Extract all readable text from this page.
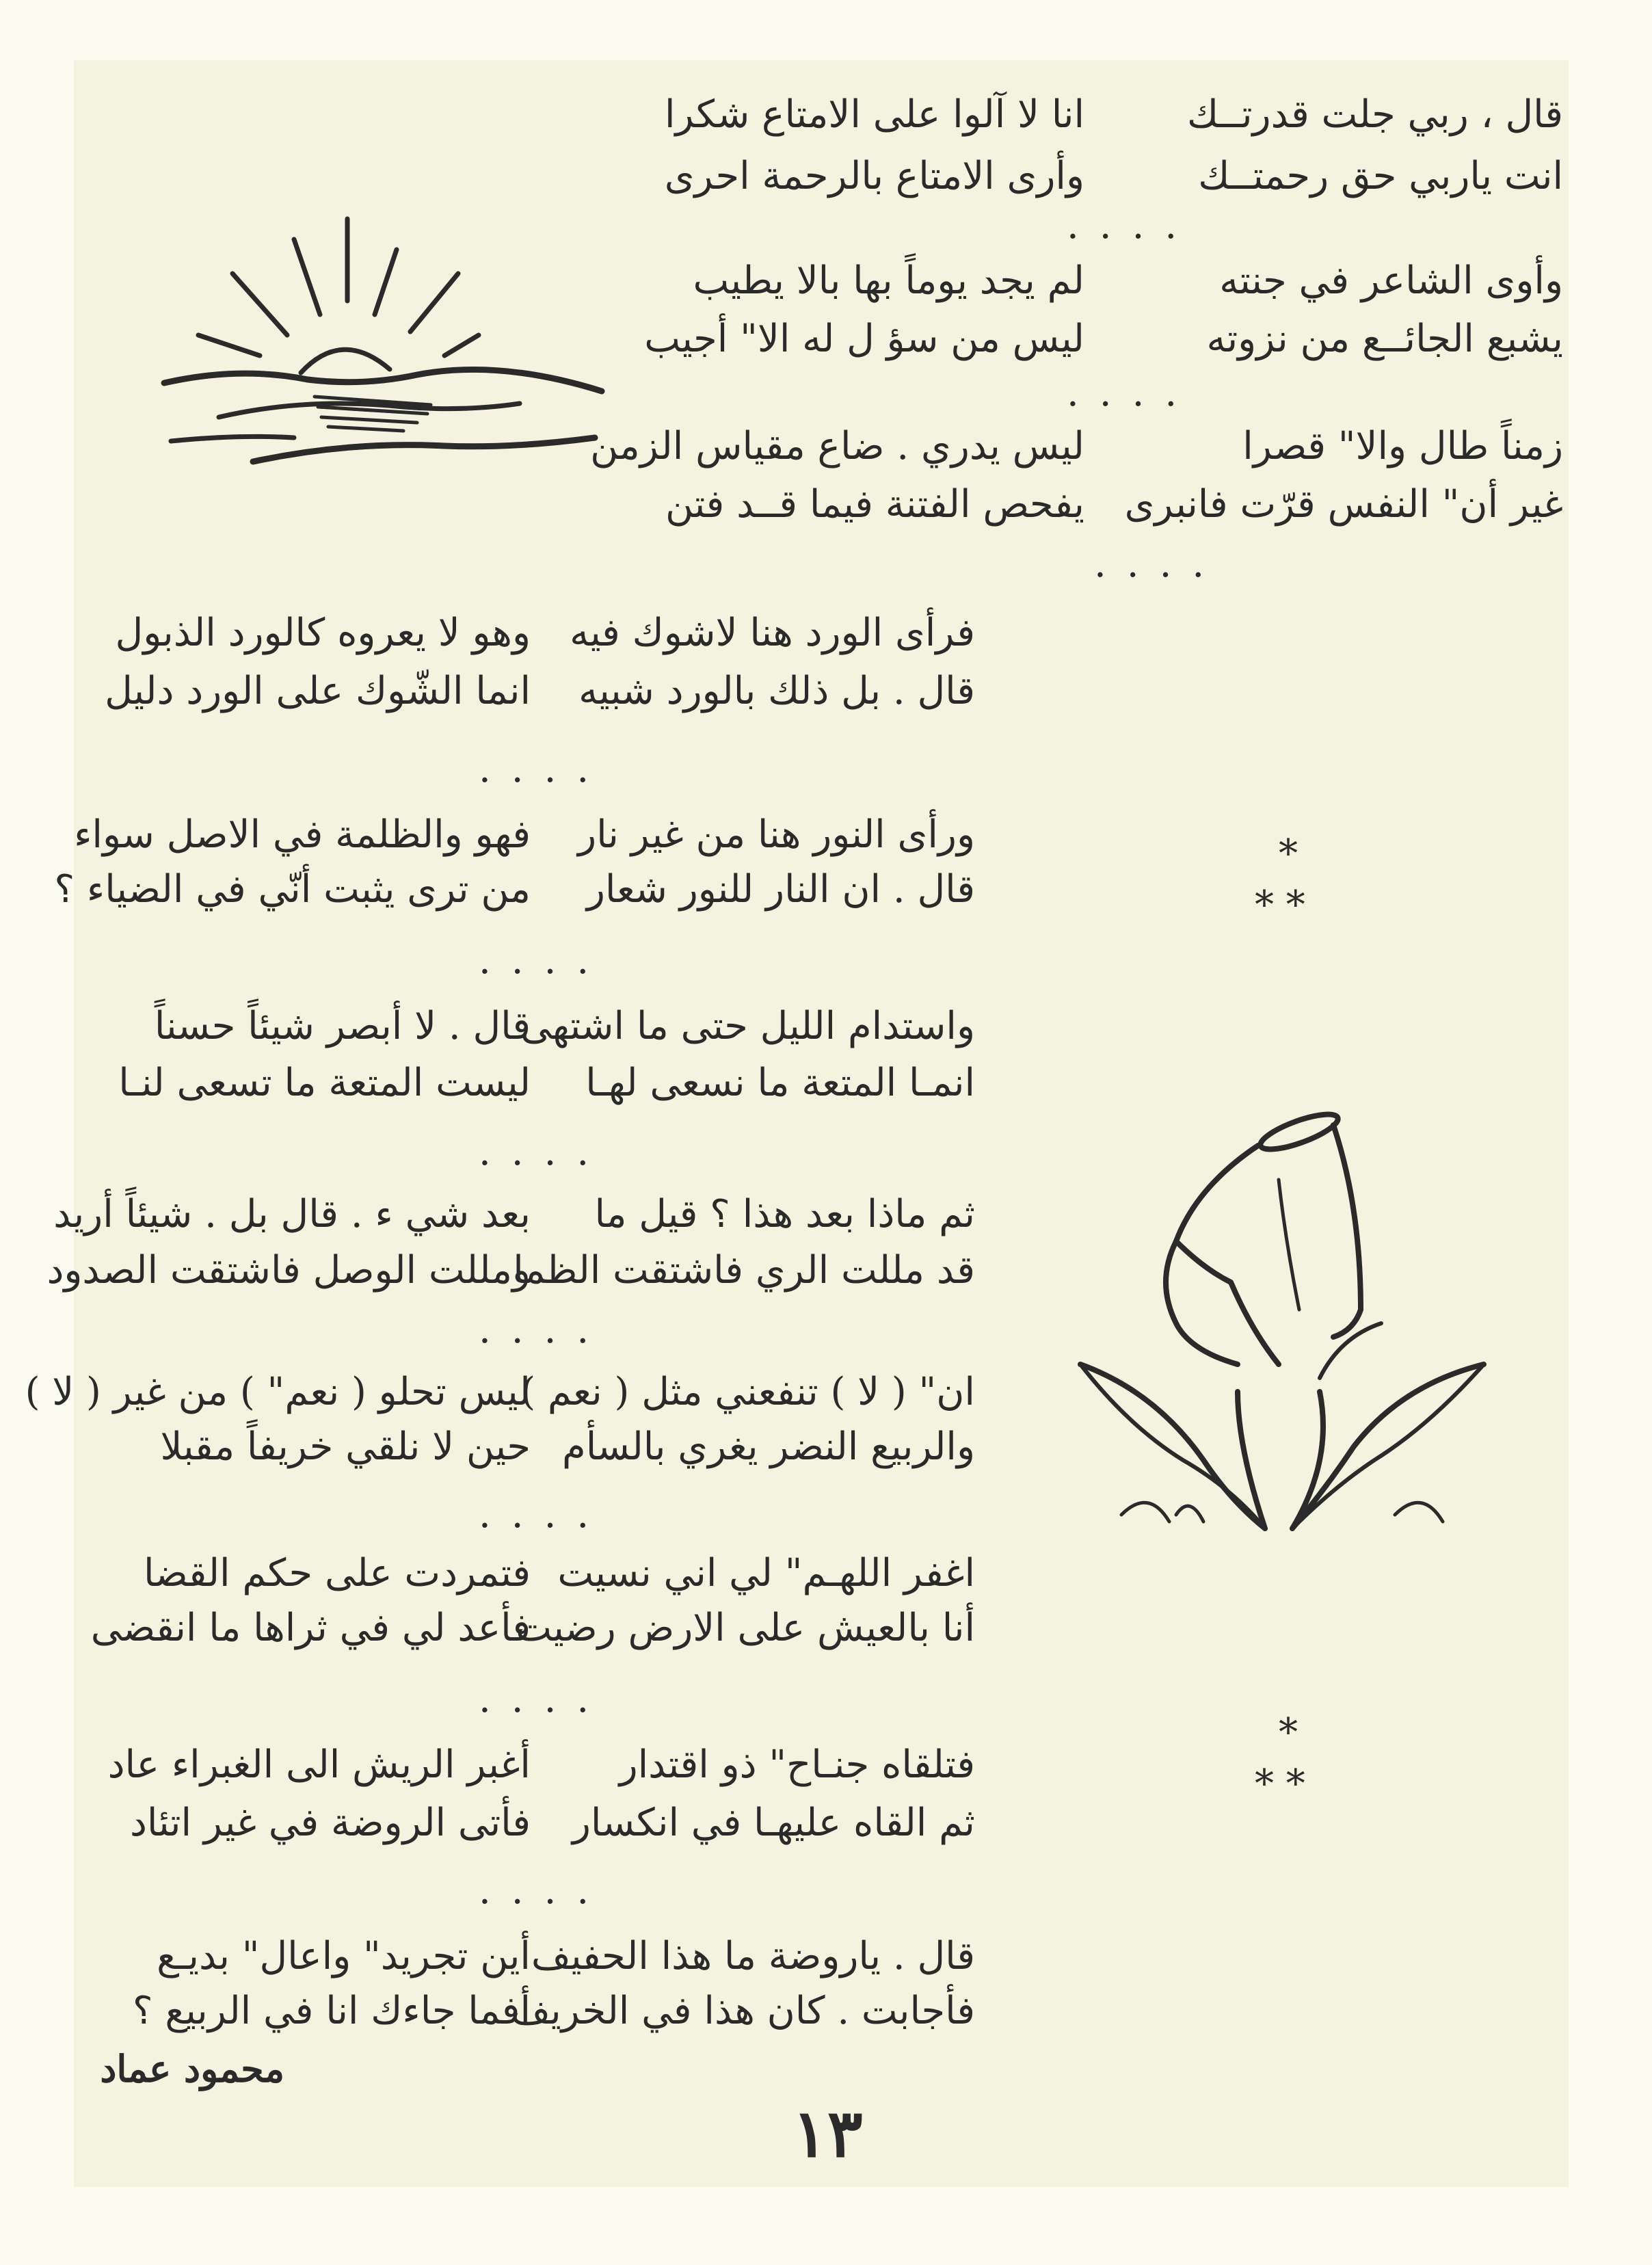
قال ، ربي جلت قدرتــك
انا لا آلوا على الامتاع شكرا
انت ياربي حق رحمتــك
وأرى الامتاع بالرحمة احرى
....
وأوى الشاعر في جنته
لم يجد يوماً بها بالا يطيب
يشبع الجائــع من نزوته
ليس من سؤ ل له الا" أجيب
....
زمناً طال والا" قصرا
ليس يدري . ضاع مقياس الزمن
غير أن" النفس قرّت فانبرى
يفحص الفتنة فيما قــد فتن
....
فرأى الورد هنا لاشوك فيه
وهو لا يعروه كالورد الذبول
قال . بل ذلك بالورد شبيه
انما الشّوك على الورد دليل
....
ورأى النور هنا من غير نار
فهو والظلمة في الاصل سواء
قال . ان النار للنور شعار
من ترى يثبت أنّي في الضياء ؟
....
واستدام الليل حتى ما اشتهى
قال . لا أبصر شيئاً حسناً
انمـا المتعة ما نسعى لهـا
ليست المتعة ما تسعى لنـا
....
ثم ماذا بعد هذا ؟ قيل ما
بعد شي ء . قال بل . شيئاً أريد
قد مللت الري فاشتقت الظما
ومللت الوصل فاشتقت الصدود
....
ان" ( لا ) تنفعني مثل ( نعم )
ليس تحلو ( نعم" ) من غير ( لا )
والربيع النضر يغري بالسأم
حين لا نلقي خريفاً مقبلا
....
اغفر اللهـم" لي اني نسيت
فتمردت على حكم القضا
أنا بالعيش على الارض رضيت
فأعد لي في ثراها ما انقضى
....
فتلقاه جنـاح" ذو اقتدار
أغبر الريش الى الغبراء عاد
ثم القاه عليهـا في انكسار
فأتى الروضة في غير اتئاد
....
قال . ياروضة ما هذا الحفيف
أين تجريد" واعال" بديـع
فأجابت . كان هذا في الخريف
أفما جاءك انا في الربيع ؟
*
* *
*
* *
محمود عماد
١٣
